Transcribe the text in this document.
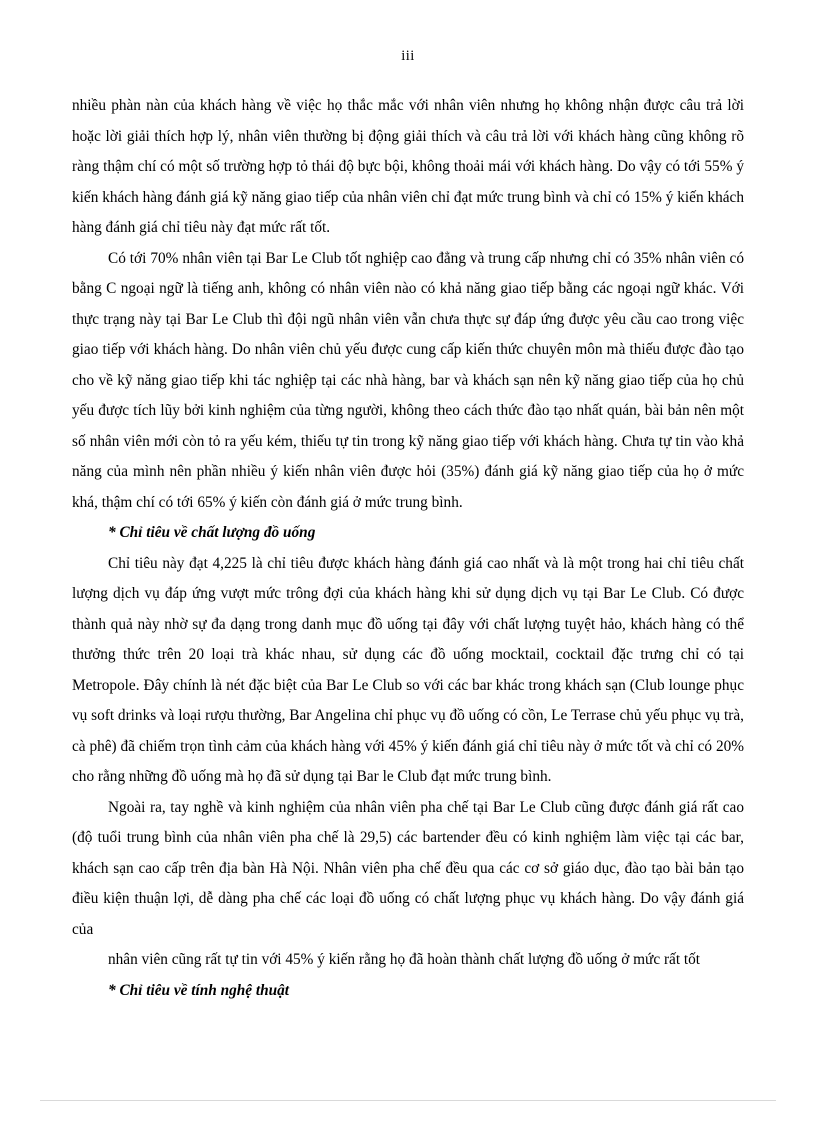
iii

nhiều phàn nàn của khách hàng về việc họ thắc mắc với nhân viên nhưng họ không nhận được câu trả lời hoặc lời giải thích hợp lý, nhân viên thường bị động giải thích và câu trả lời với khách hàng cũng không rõ ràng thậm chí có một số trường hợp tỏ thái độ bực bội, không thoải mái với khách hàng. Do vậy có tới 55% ý kiến khách hàng đánh giá kỹ năng giao tiếp của nhân viên chỉ đạt mức trung bình và chỉ có 15% ý kiến khách hàng đánh giá chỉ tiêu này đạt mức rất tốt.

Có tới 70% nhân viên tại Bar Le Club tốt nghiệp cao đẳng và trung cấp nhưng chỉ có 35% nhân viên có bằng C ngoại ngữ là tiếng anh, không có nhân viên nào có khả năng giao tiếp bằng các ngoại ngữ khác. Với thực trạng này tại Bar Le Club thì đội ngũ nhân viên vẫn chưa thực sự đáp ứng được yêu cầu cao trong việc giao tiếp với khách hàng. Do nhân viên chủ yếu được cung cấp kiến thức chuyên môn mà thiếu được đào tạo cho về kỹ năng giao tiếp khi tác nghiệp tại các nhà hàng, bar và khách sạn nên kỹ năng giao tiếp của họ chủ yếu được tích lũy bởi kinh nghiệm của từng người, không theo cách thức đào tạo nhất quán, bài bản nên một số nhân viên mới còn tỏ ra yếu kém, thiếu tự tin trong kỹ năng giao tiếp với khách hàng. Chưa tự tin vào khả năng của mình nên phần nhiều ý kiến nhân viên được hỏi (35%) đánh giá kỹ năng giao tiếp của họ ở mức khá, thậm chí có tới 65% ý kiến còn đánh giá ở mức trung bình.

* Chỉ tiêu về chất lượng đồ uống

Chỉ tiêu này đạt 4,225 là chỉ tiêu được khách hàng đánh giá cao nhất và là một trong hai chỉ tiêu chất lượng dịch vụ đáp ứng vượt mức trông đợi của khách hàng khi sử dụng dịch vụ tại Bar Le Club. Có được thành quả này nhờ sự đa dạng trong danh mục đồ uống tại đây với chất lượng tuyệt hảo, khách hàng có thể thưởng thức trên 20 loại trà khác nhau, sử dụng các đồ uống mocktail, cocktail đặc trưng chỉ có tại Metropole. Đây chính là nét đặc biệt của Bar Le Club so với các bar khác trong khách sạn (Club lounge phục vụ soft drinks và loại rượu thường, Bar Angelina chỉ phục vụ đồ uống có cồn, Le Terrase chủ yếu phục vụ trà, cà phê) đã chiếm trọn tình cảm của khách hàng với 45% ý kiến đánh giá chỉ tiêu này ở mức tốt và chỉ có 20% cho rằng những đồ uống mà họ đã sử dụng tại Bar le Club đạt mức trung bình.

Ngoài ra, tay nghề và kinh nghiệm của nhân viên pha chế tại Bar Le Club cũng được đánh giá rất cao (độ tuổi trung bình của nhân viên pha chế là 29,5) các bartender đều có kinh nghiệm làm việc tại các bar, khách sạn cao cấp trên địa bàn Hà Nội. Nhân viên pha chế đều qua các cơ sở giáo dục, đào tạo bài bản tạo điều kiện thuận lợi, dễ dàng pha chế các loại đồ uống có chất lượng phục vụ khách hàng. Do vậy đánh giá của

nhân viên cũng rất tự tin với 45% ý kiến rằng họ đã hoàn thành chất lượng đồ uống ở mức rất tốt

* Chỉ tiêu về tính nghệ thuật
